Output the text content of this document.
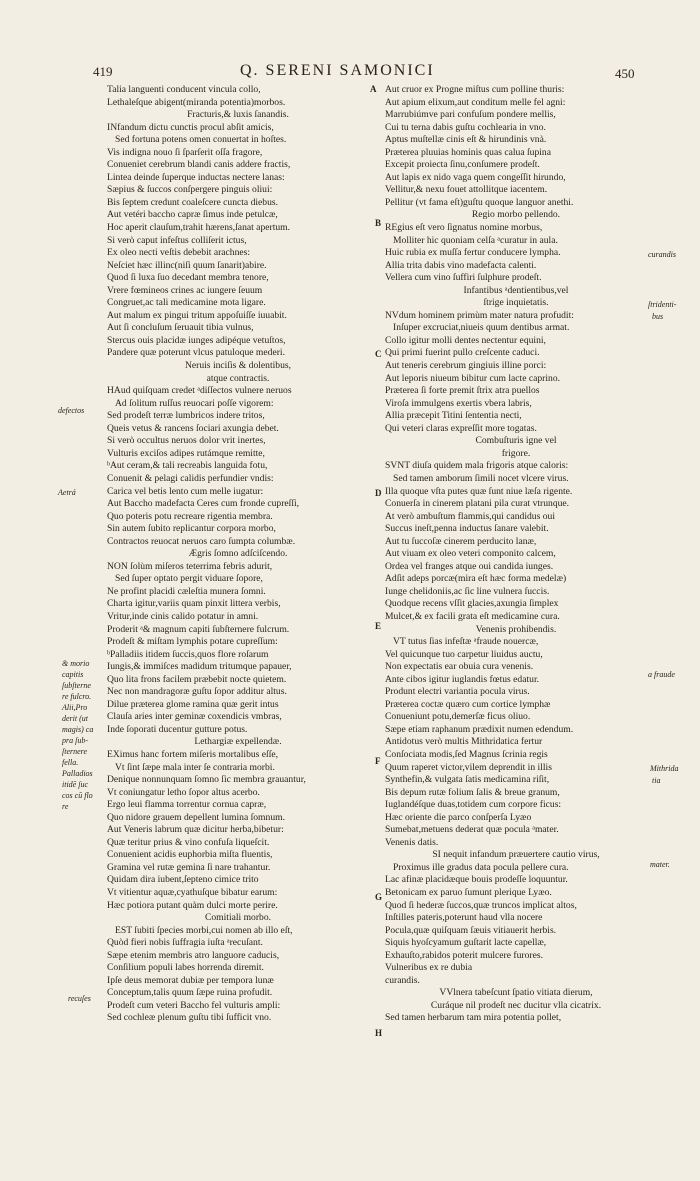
419	Q. SERENI SAMONICI	450
Talia languenti conducent vincula collo,
Lethaleſque abigent(miranda potentia)morbos.
Fracturis,& luxis ſanandis.
INfandum dictu cunctis procul abſit amicis,
Sed fortuna potens omen conuertat in hoſtes.
Vis indigna nouo ſi ſparſerit oſſa fragore,
Conueniet cerebrum blandi canis addere fractis,
Lintea deinde ſuperque inductas nectere lanas:
Sæpius & ſuccos conſpergere pinguis oliui:
Bis ſeptem credunt coaleſcere cuncta diebus.
Aut vetéri baccho capræ ſimus inde petulcæ,
Hoc aperit clauſum,trahit hærens,ſanat apertum.
Si verò caput infeſtus colliſerit ictus,
Ex oleo necti veſtis debebit arachnes:
Neſciet hæc illinc(niſi quum ſanarit)abire.
Quod ſi luxa ſuo decedant membra tenore,
Vrere fœmineos crines ac iungere ſeuum
Congruet,ac tali medicamine mota ligare.
Aut malum ex pingui tritum appoſuiſſe iuuabit.
Aut ſi concluſum ſeruauit tibia vulnus,
Stercus ouis placidæ iunges adipéque vetuſtos,
Pandere quæ poterunt vlcus patuloque mederi.
Neruis inciſis & dolentibus,
atque contractis.
HAud quiſquam credet ᵃdiſſectos vulnere neruos
Ad ſolitum ruſſus reuocari poſſe vigorem:
Sed prodeſt terræ lumbricos indere tritos,
Queis vetus & rancens ſociari axungia debet.
Si verò occultus neruos dolor vrit inertes,
Vulturis exciſos adipes rutámque remitte,
ᵇAut ceram,& tali recreabis languida fotu,
Conuenit & pelagi calidis perfundier vndis:
Carica vel betis lento cum melle iugatur:
Aut Baccho madefacta Ceres cum fronde cupreſſi,
Quo poteris potu recreare rigentia membra.
Sin autem ſubito replicantur corpora morbo,
Contractos reuocat neruos caro ſumpta columbæ.
Ægris ſomno adſciſcendo.
NON ſolùm miſeros teterrima febris adurit,
Sed ſuper optato pergit viduare ſopore,
Ne profint placidi cæleſtia munera ſomni.
Charta igitur,variis quam pinxit littera verbis,
Vritur,inde cinis calido potatur in amni.
Proderit ᵃ& magnum capiti ſubſternere fulcrum.
Prodeſt & miſtam lymphis potare cupreſſum:
ᵇPalladiis itidem ſuccis,quos flore roſarum
Iungis,& immiſces madidum tritumque papauer,
Quo lita frons facilem præbebit nocte quietem.
Nec non mandragoræ guſtu ſopor additur altus.
Dilue præterea glome ramina quæ gerit intus
Clauſa aries inter geminæ coxendicis vmbras,
Inde ſoporati ducentur gutture potus.
Lethargiæ expellendæ.
EXimus hanc fortem miſeris mortalibus eſſe,
Vt ſint ſæpe mala inter ſe contraria morbi.
Denique nonnunquam ſomno ſic membra grauantur,
Vt coniungatur letho ſopor altus acerbo.
Ergo leui flamma torrentur cornua capræ,
Quo nidore grauem depellent lumina ſomnum.
Aut Veneris labrum quæ dicitur herba,bibetur:
Quæ teritur prius & vino confuſa liqueſcit.
Conuenient acidis euphorbia miſta fluentis,
Gramina vel rutæ gemina ſi nare trahantur.
Quidam dira iubent,ſepteno cimice trito
Vt vitientur aquæ,cyathuſque bibatur earum:
Hæc potiora putant quàm dulci morte perire.
Comitiali morbo.
EST ſubiti ſpecies morbi,cui nomen ab illo eſt,
Quòd fieri nobis ſuffragia iuſta ᵃrecuſant.
Sæpe etenim membris atro languore caducis,
Conſilium populi labes horrenda diremit.
Ipſe deus memorat dubiæ per tempora lunæ
Conceptum,talis quum ſæpe ruina profudit.
Prodeſt cum veteri Baccho fel vulturis ampli:
Sed cochleæ plenum guſtu tibi ſufficit vno.
Aut cruor ex Progne miſtus cum polline thuris:
Aut apium elixum,aut conditum melle fel agni:
Marrubiúmve pari confuſum pondere mellis,
Cui tu terna dabis guſtu cochlearia in vno.
Aptus muſtellæ cinis eſt & hirundinis vnà.
Præterea pluuias hominis quas calua ſupina
Excepit proiecta ſinu,conſumere prodeſt.
Aut lapis ex nido vaga quem congeſſit hirundo,
Vellitur,& nexu fouet attollitque iacentem.
Pellitur (vt fama eſt)guſtu quoque languor anethi.
Regio morbo pellendo.
REgius eſt vero ſignatus nomine morbus,
Molliter hic quoniam celſa ᵃcuratur in aula.
Huic rubia ex muſſa fertur conducere lympha.
Allia trita dabis vino madefacta calenti.
Vellera cum vino ſuffiri ſulphure prodeſt.
Infantibus ᵃdentientibus,vel
ſtrige inquietatis.
NVdum hominem primùm mater natura profudit:
Inſuper excruciat,niueis quum dentibus armat.
Collo igitur molli dentes nectentur equini,
Qui primi fuerint pullo creſcente caduci.
Aut teneris cerebrum gingiuis illine porci:
Aut leporis niueum bibitur cum lacte caprino.
Præterea ſi forte premit ſtrix atra puellos
Viroſa immulgens exertis vbera labris,
Allia præcepit Titini ſententia necti,
Qui veteri claras expreſſit more togatas.
Combuſturis igne vel
frigore.
SVNT diuſa quidem mala frigoris atque caloris:
Sed tamen amborum ſimili nocet vlcere virus.
Illa quoque vſta putes quæ ſunt niue læſa rigente.
Conuerſa in cinerem platani pila curat vtrunque.
At verò ambuſtum flammis,qui candidus oui
Succus ineſt,penna inductus ſanare valebit.
Aut tu ſuccoſæ cinerem perducito lanæ,
Aut viuam ex oleo veteri componito calcem,
Ordea vel franges atque oui candida iunges.
Adſit adeps porcæ(mira eſt hæc forma medelæ)
Iunge chelidoniis,ac ſic line vulnera ſuccis.
Quodque recens vſſit glacies,axungia ſimplex
Mulcet,& ex facili grata eſt medicamine cura.
Venenis prohibendis.
VT tutus ſias infeſtæ ᵃfraude nouercæ,
Vel quicunque tuo carpetur liuidus auctu,
Non expectatis ear obuia cura venenis.
Ante cibos igitur iuglandis fœtus edatur.
Produnt electri variantia pocula virus.
Præterea coctæ quæro cum cortice lymphæ
Conueniunt potu,demerſæ ficus oliuo.
Sæpe etiam raphanum prædixit numen edendum.
Antidotus verò multis Mithridatica fertur
Conſociata modis,ſed Magnus ſcrinia regis
Quum raperet victor,vilem deprendit in illis
Synthefin,& vulgata ſatis medicamina riſit,
Bis depum rutæ folium ſalis & breue granum,
Iuglandéſque duas,totidem cum corpore ficus:
Hæc oriente die parco conſperſa Lyæo
Sumebat,metuens dederat quæ pocula ᵃmater.
Venenis datis.
SI nequit infandum præuertere cautio virus,
Proximus ille gradus data pocula pellere cura.
Lac afinæ placidæque bouis prodeſſe loquuntur.
Betonicam ex paruo ſumunt plerique Lyæo.
Quod ſi hederæ ſuccos,quæ truncos implicat altos,
Inſtilles pateris,poterunt haud vlla nocere
Pocula,quæ quiſquam ſæuis vitiauerit herbis.
Siquis hyoſcyamum guſtarit lacte capellæ,
Exhauſto,rabidos poterit mulcere furores.
Vulneribus ex re dubia
curandis.
VVlnera tabeſcunt ſpatio vitiata dierum,
Curáque nil prodeſt nec ducitur vlla cicatrix.
Sed tamen herbarum tam mira potentia pollet,
defectos
Aetrá
& morio
capitis
ſubſterne
re fulcro.
Alii,Pro
derit (ut
magis) ca
pra ſub-
ſternere
fella.
Palladios
itidē ſuc
cos cū flo
re
recuſes
curandis
ſtridenti-
bus
a fraude
Mithrida
tia
mater.
A
B
C
D
E
F
G
H
